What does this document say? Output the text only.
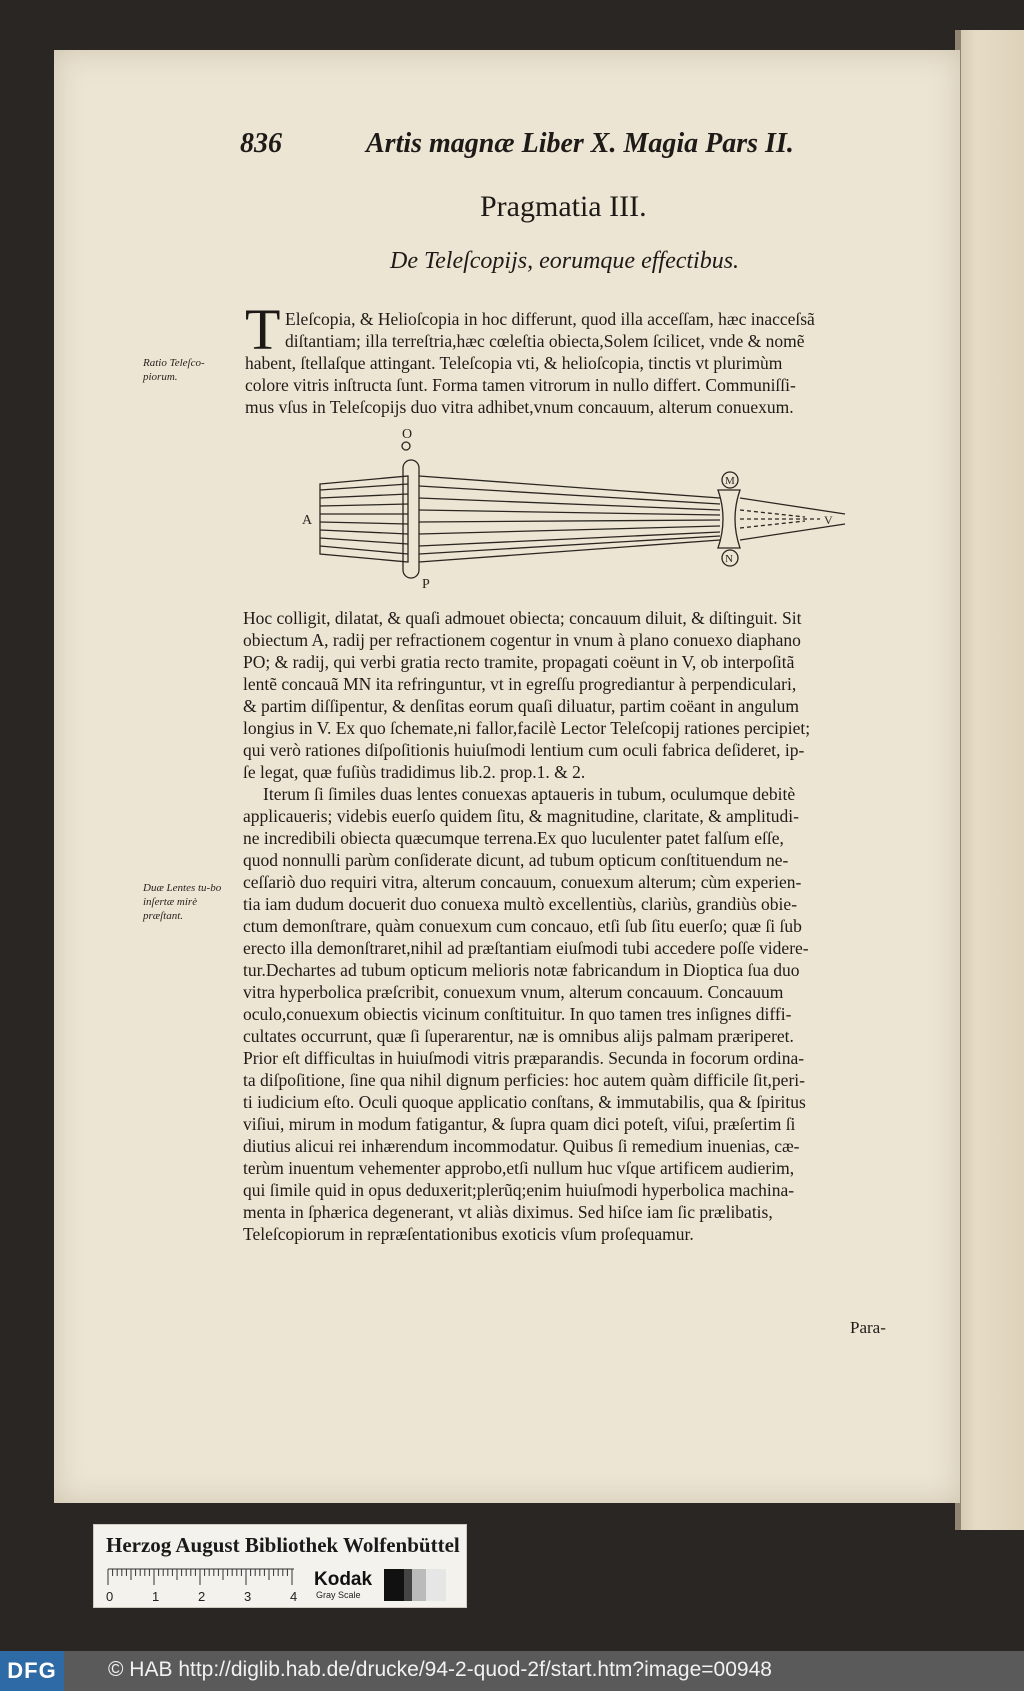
836	Artis magnæ Liber X. Magia Pars II.
Pragmatia III.
De Teleſcopijs, eorumque effectibus.
T Eleſcopia, & Helioſcopia in hoc differunt, quod illa acceſſam, hæc inacceſsã
diſtantiam; illa terreſtria,hæc cœleſtia obiecta,Solem ſcilicet, vnde & nomẽ
habent, ſtellaſque attingant. Teleſcopia vti, & helioſcopia, tinctis vt plurimùm
colore vitris inſtructa ſunt. Forma tamen vitrorum in nullo differt. Communiſſi-
mus vſus in Teleſcopijs duo vitra adhibet,vnum concauum, alterum conuexum.
Ratio Teleſco-piorum.
O
A
P
M
N
V
Hoc colligit, dilatat, & quaſi admouet obiecta; concauum diluit, & diſtinguit. Sit
obiectum A, radij per refractionem cogentur in vnum à plano conuexo diaphano
PO; & radij, qui verbi gratia recto tramite, propagati coëunt in V, ob interpoſitã
lentẽ concauã MN ita refringuntur, vt in egreſſu progrediantur à perpendiculari,
& partim diſſipentur, & denſitas eorum quaſi diluatur, partim coëant in angulum
longius in V. Ex quo ſchemate,ni fallor,facilè Lector Teleſcopij rationes percipiet;
qui verò rationes diſpoſitionis huiuſmodi lentium cum oculi fabrica deſideret, ip-
ſe legat, quæ fuſiùs tradidimus lib.2. prop.1. & 2.
Iterum ſi ſimiles duas lentes conuexas aptaueris in tubum, oculumque debitè
applicaueris; videbis euerſo quidem ſitu, & magnitudine, claritate, & amplitudi-
ne incredibili obiecta quæcumque terrena.Ex quo luculenter patet falſum eſſe,
quod nonnulli parùm conſiderate dicunt, ad tubum opticum conſtituendum ne-
ceſſariò duo requiri vitra, alterum concauum, conuexum alterum; cùm experien-
tia iam dudum docuerit duo conuexa multò excellentiùs, clariùs, grandiùs obie-
ctum demonſtrare, quàm conuexum cum concauo, etſi ſub ſitu euerſo; quæ ſi ſub
erecto illa demonſtraret,nihil ad præſtantiam eiuſmodi tubi accedere poſſe videre-
tur.Dechartes ad tubum opticum melioris notæ fabricandum in Dioptica ſua duo
vitra hyperbolica præſcribit, conuexum vnum, alterum concauum. Concauum
oculo,conuexum obiectis vicinum conſtituitur. In quo tamen tres inſignes diffi-
cultates occurrunt, quæ ſi ſuperarentur, næ is omnibus alijs palmam præriperet.
Prior eſt difficultas in huiuſmodi vitris præparandis. Secunda in focorum ordina-
ta diſpoſitione, ſine qua nihil dignum perficies: hoc autem quàm difficile ſit,peri-
ti iudicium eſto. Oculi quoque applicatio conſtans, & immutabilis, qua & ſpiritus
viſiui, mirum in modum fatigantur, & ſupra quam dici poteſt, viſui, præſertim ſi
diutius alicui rei inhærendum incommodatur. Quibus ſi remedium inuenias, cæ-
terùm inuentum vehementer approbo,etſi nullum huc vſque artificem audierim,
qui ſimile quid in opus deduxerit;plerũq;enim huiuſmodi hyperbolica machina-
menta in ſphærica degenerant, vt aliàs diximus. Sed hiſce iam ſic prælibatis,
Teleſcopiorum in repræſentationibus exoticis vſum proſequamur.
Duæ Lentes tu-bo inſertæ mirè præſtant.
Para-
Herzog August Bibliothek Wolfenbüttel
0	1	2	3	4
Kodak
Gray Scale
DFG	© HAB http://diglib.hab.de/drucke/94-2-quod-2f/start.htm?image=00948
